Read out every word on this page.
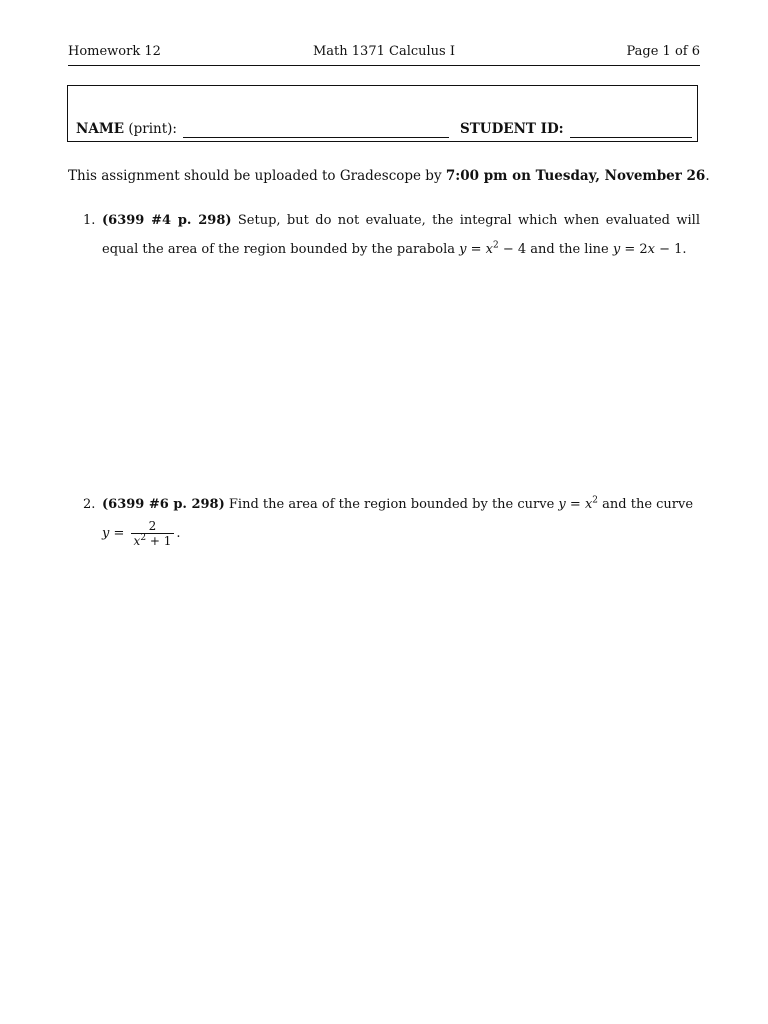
Homework 12	Math 1371 Calculus I	Page 1 of 6
NAME (print):	STUDENT ID:
This assignment should be uploaded to Gradescope by 7:00 pm on Tuesday, November 26.
1. (6399 #4 p. 298) Setup, but do not evaluate, the integral which when evaluated will equal the area of the region bounded by the parabola $y = x^2 - 4$ and the line y = 2x − 1.
2. (6399 #6 p. 298) Find the area of the region bounded by the curve $y = x^2$ and the curve
$y = \frac{2}{x^2 + 1}$ .
